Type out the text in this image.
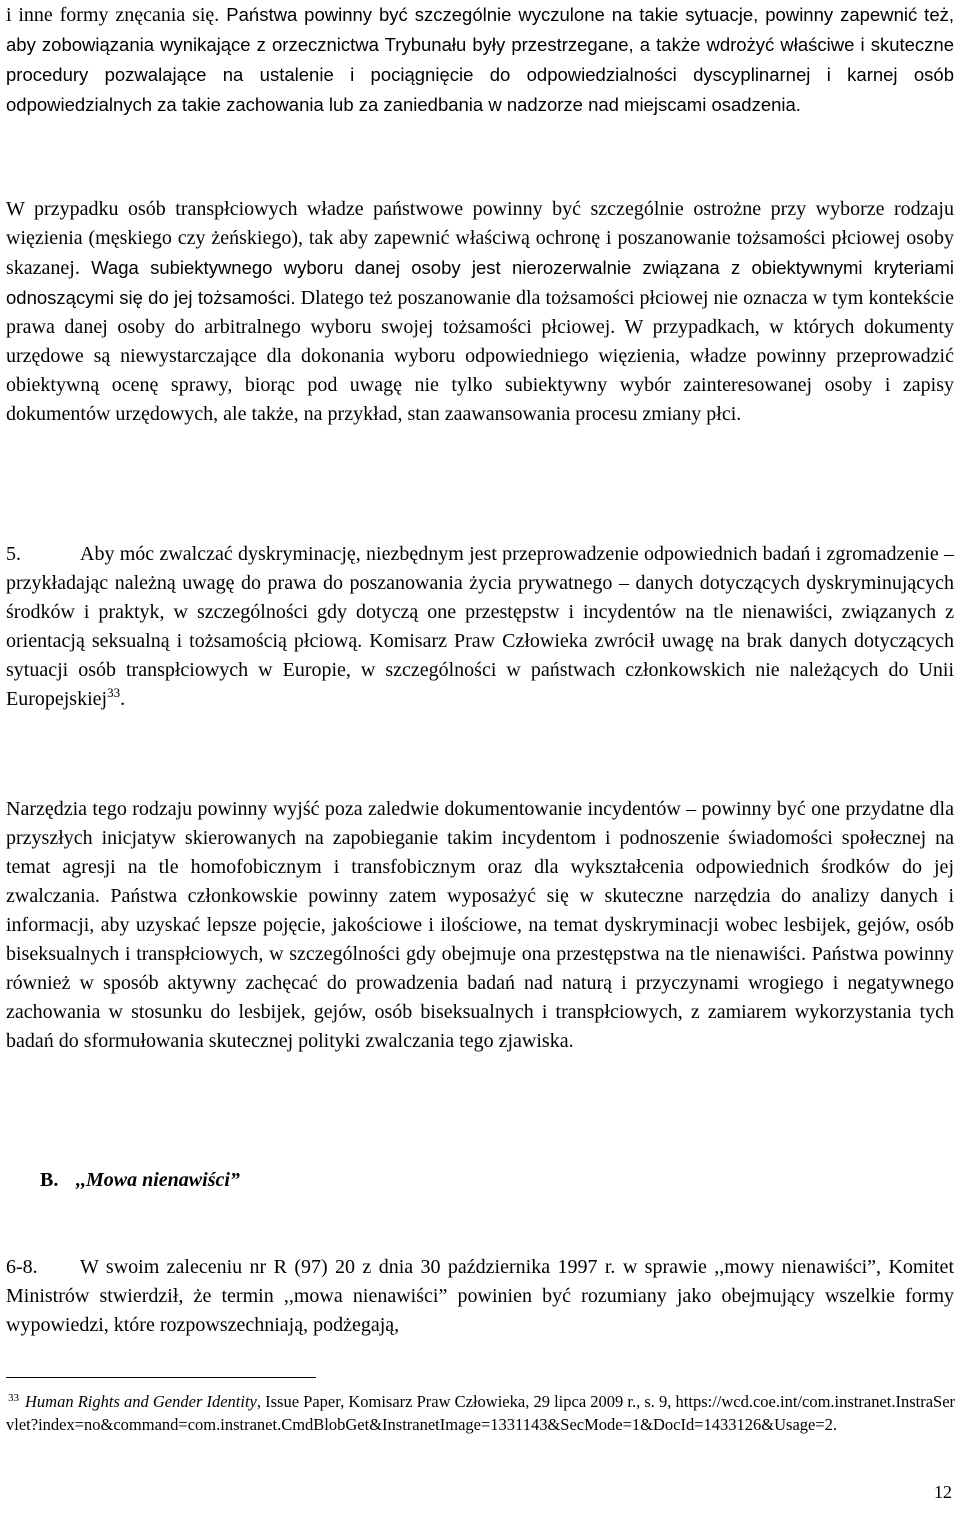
i inne formy znęcania się. Państwa powinny być szczególnie wyczulone na takie sytuacje, powinny zapewnić też, aby zobowiązania wynikające z orzecznictwa Trybunału były przestrzegane, a także wdrożyć właściwe i skuteczne procedury pozwalające na ustalenie i pociągnięcie do odpowiedzialności dyscyplinarnej i karnej osób odpowiedzialnych za takie zachowania lub za zaniedbania w nadzorze nad miejscami osadzenia.

W przypadku osób transpłciowych władze państwowe powinny być szczególnie ostrożne przy wyborze rodzaju więzienia (męskiego czy żeńskiego), tak aby zapewnić właściwą ochronę i poszanowanie tożsamości płciowej osoby skazanej. Waga subiektywnego wyboru danej osoby jest nierozerwalnie związana z obiektywnymi kryteriami odnoszącymi się do jej tożsamości. Dlatego też poszanowanie dla tożsamości płciowej nie oznacza w tym kontekście prawa danej osoby do arbitralnego wyboru swojej tożsamości płciowej. W przypadkach, w których dokumenty urzędowe są niewystarczające dla dokonania wyboru odpowiedniego więzienia, władze powinny przeprowadzić obiektywną ocenę sprawy, biorąc pod uwagę nie tylko subiektywny wybór zainteresowanej osoby i zapisy dokumentów urzędowych, ale także, na przykład, stan zaawansowania procesu zmiany płci.

5.	Aby móc zwalczać dyskryminację, niezbędnym jest przeprowadzenie odpowiednich badań i zgromadzenie – przykładając należną uwagę do prawa do poszanowania życia prywatnego – danych dotyczących dyskryminujących środków i praktyk, w szczególności gdy dotyczą one przestępstw i incydentów na tle nienawiści, związanych z orientacją seksualną i tożsamością płciową. Komisarz Praw Człowieka zwrócił uwagę na brak danych dotyczących sytuacji osób transpłciowych w Europie, w szczególności w państwach członkowskich nie należących do Unii Europejskiej$^{33}$.

Narzędzia tego rodzaju powinny wyjść poza zaledwie dokumentowanie incydentów – powinny być one przydatne dla przyszłych inicjatyw skierowanych na zapobieganie takim incydentom i podnoszenie świadomości społecznej na temat agresji na tle homofobicznym i transfobicznym oraz dla wykształcenia odpowiednich środków do jej zwalczania. Państwa członkowskie powinny zatem wyposażyć się w skuteczne narzędzia do analizy danych i informacji, aby uzyskać lepsze pojęcie, jakościowe i ilościowe, na temat dyskryminacji wobec lesbijek, gejów, osób biseksualnych i transpłciowych, w szczególności gdy obejmuje ona przestępstwa na tle nienawiści. Państwa powinny również w sposób aktywny zachęcać do prowadzenia badań nad naturą i przyczynami wrogiego i negatywnego zachowania w stosunku do lesbijek, gejów, osób biseksualnych i transpłciowych, z zamiarem wykorzystania tych badań do sformułowania skutecznej polityki zwalczania tego zjawiska.

B. ,,Mowa nienawiści”

6-8. W swoim zaleceniu nr R (97) 20 z dnia 30 października 1997 r. w sprawie ,,mowy nienawiści”, Komitet Ministrów stwierdził, że termin ,,mowa nienawiści” powinien być rozumiany jako obejmujący wszelkie formy wypowiedzi, które rozpowszechniają, podżegają,

$^{33}$ Human Rights and Gender Identity, Issue Paper, Komisarz Praw Człowieka, 29 lipca 2009 r., s. 9, https://wcd.coe.int/com.instranet.InstraServlet?index=no&command=com.instranet.CmdBlobGet&InstranetImage=1331143&SecMode=1&DocId=1433126&Usage=2.

12
